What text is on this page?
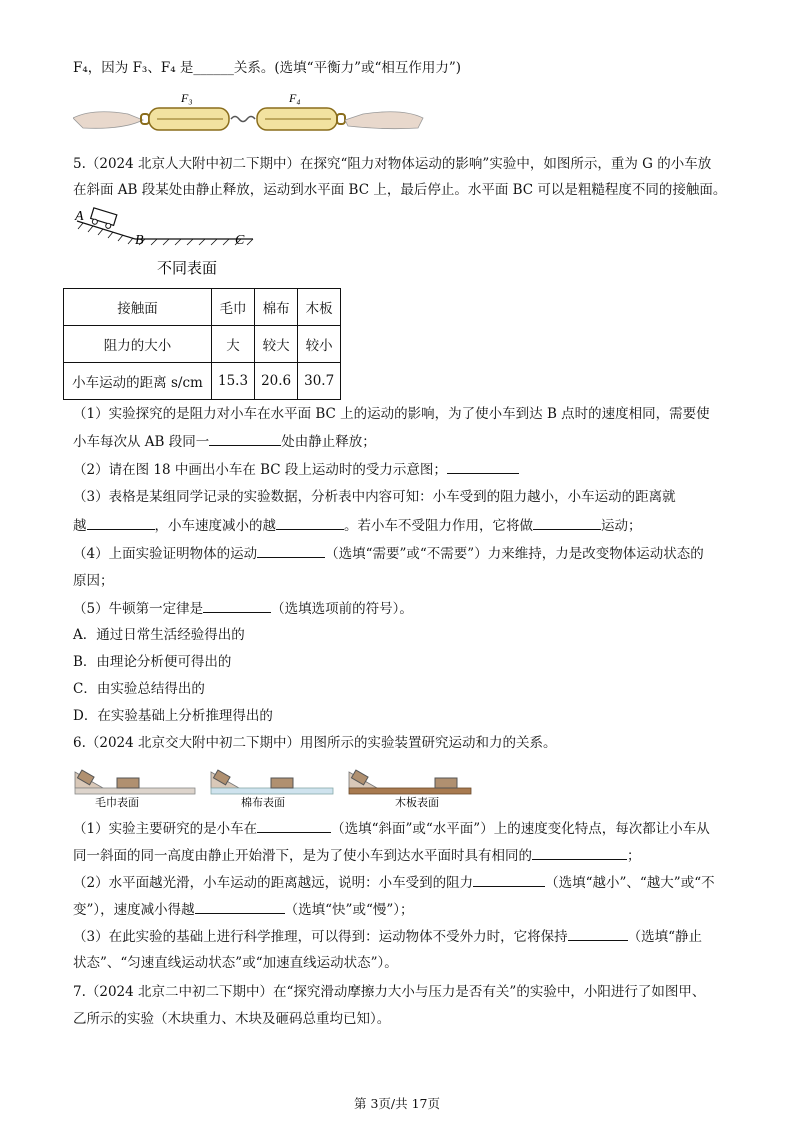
F₄，因为 F₃、F₄ 是______关系。(选填“平衡力”或“相互作用力”)
F₃	F₄
5.（2024 北京人大附中初二下期中）在探究“阻力对物体运动的影响”实验中，如图所示，重为 G 的小车放
在斜面 AB 段某处由静止释放，运动到水平面 BC 上，最后停止。水平面 BC 可以是粗糙程度不同的接触面。
A
B	C
不同表面
接触面	毛巾	棉布	木板
阻力的大小	大	较大	较小
小车运动的距离 s/cm	15.3	20.6	30.7
（1）实验探究的是阻力对小车在水平面 BC 上的运动的影响，为了使小车到达 B 点时的速度相同，需要使
小车每次从 AB 段同一	处由静止释放；
（2）请在图 18 中画出小车在 BC 段上运动时的受力示意图；
（3）表格是某组同学记录的实验数据，分析表中内容可知：小车受到的阻力越小，小车运动的距离就
越	，小车速度减小的越	。若小车不受阻力作用，它将做	运动；
（4）上面实验证明物体的运动	（选填“需要”或“不需要”）力来维持，力是改变物体运动状态的
原因；
（5）牛顿第一定律是	（选填选项前的符号）。
A．通过日常生活经验得出的
B．由理论分析便可得出的
C．由实验总结得出的
D．在实验基础上分析推理得出的
6.（2024 北京交大附中初二下期中）用图所示的实验装置研究运动和力的关系。
毛巾表面	棉布表面	木板表面
（1）实验主要研究的是小车在	（选填“斜面”或“水平面”）上的速度变化特点，每次都让小车从
同一斜面的同一高度由静止开始滑下，是为了使小车到达水平面时具有相同的	；
（2）水平面越光滑，小车运动的距离越远，说明：小车受到的阻力	（选填“越小”、“越大”或“不
变”），速度减小得越	（选填“快”或“慢”）；
（3）在此实验的基础上进行科学推理，可以得到：运动物体不受外力时，它将保持	（选填“静止
状态”、“匀速直线运动状态”或“加速直线运动状态”）。
7.（2024 北京二中初二下期中）在“探究滑动摩擦力大小与压力是否有关”的实验中，小阳进行了如图甲、
乙所示的实验（木块重力、木块及砸码总重均已知）。
第 3页/共 17页
